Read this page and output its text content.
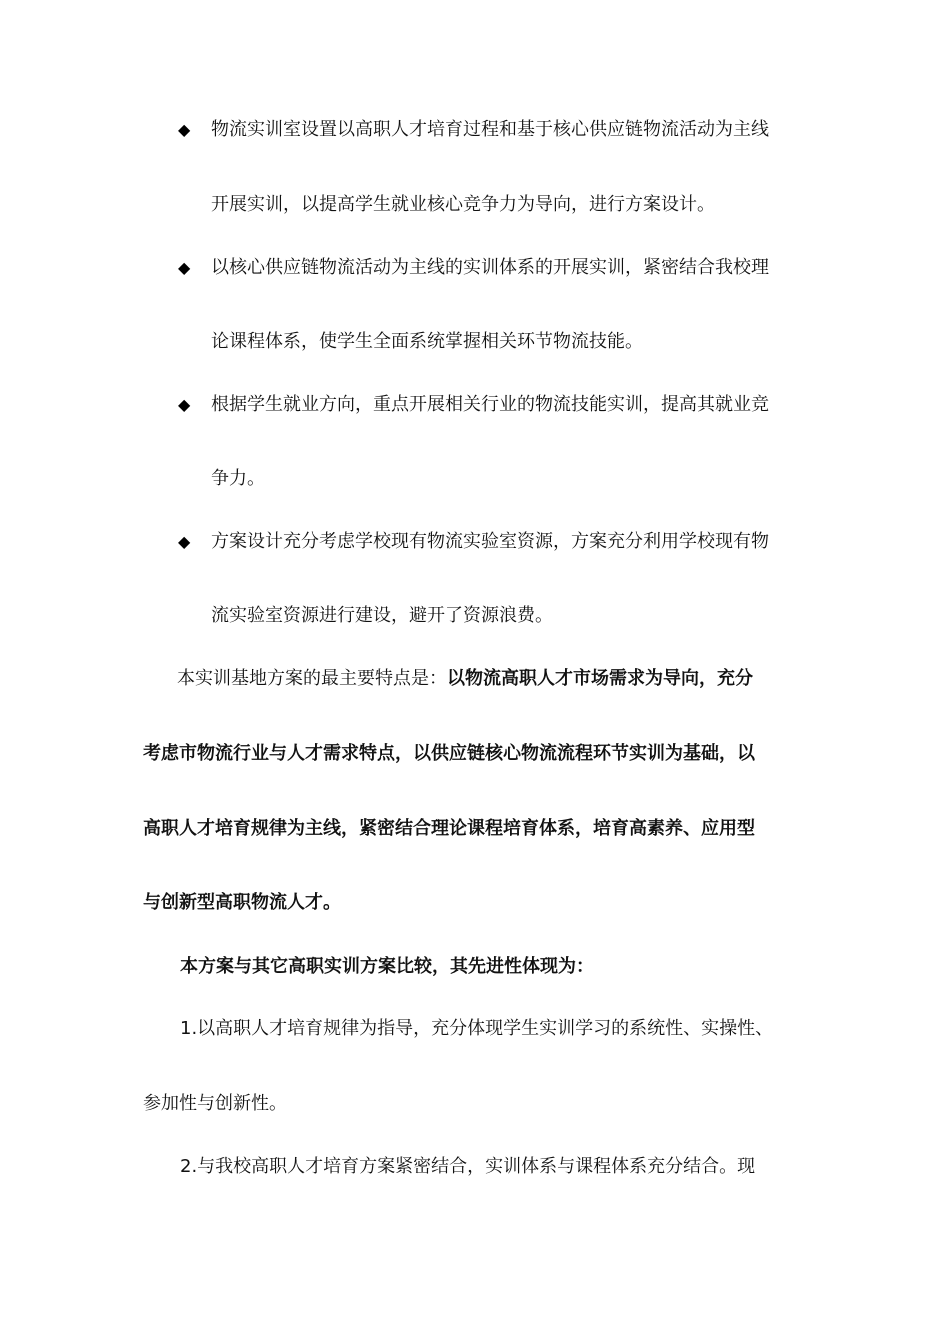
◆ 物流实训室设置以高职人才培育过程和基于核心供应链物流活动为主线
开展实训，以提高学生就业核心竞争力为导向，进行方案设计。
◆ 以核心供应链物流活动为主线的实训体系的开展实训，紧密结合我校理
论课程体系，使学生全面系统掌握相关环节物流技能。
◆ 根据学生就业方向，重点开展相关行业的物流技能实训，提高其就业竞
争力。
◆ 方案设计充分考虑学校现有物流实验室资源，方案充分利用学校现有物
流实验室资源进行建设，避开了资源浪费。
本实训基地方案的最主要特点是：以物流高职人才市场需求为导向，充分
考虑市物流行业与人才需求特点，以供应链核心物流流程环节实训为基础，以
高职人才培育规律为主线，紧密结合理论课程培育体系，培育高素养、应用型
与创新型高职物流人才。
本方案与其它高职实训方案比较，其先进性体现为：
1.以高职人才培育规律为指导，充分体现学生实训学习的系统性、实操性、
参加性与创新性。
2.与我校高职人才培育方案紧密结合，实训体系与课程体系充分结合。现
